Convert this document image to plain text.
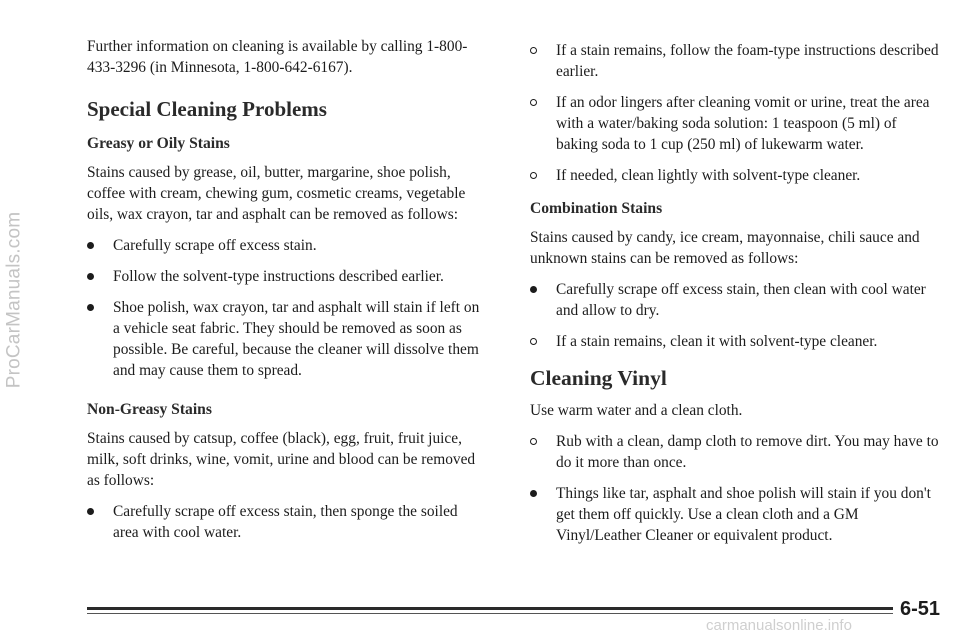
ProCarManuals.com

Further information on cleaning is available by calling 1-800-433-3296 (in Minnesota, 1-800-642-6167).

Special Cleaning Problems
Greasy or Oily Stains

Stains caused by grease, oil, butter, margarine, shoe polish, coffee with cream, chewing gum, cosmetic creams, vegetable oils, wax crayon, tar and asphalt can be removed as follows:

Carefully scrape off excess stain.
Follow the solvent-type instructions described earlier.
Shoe polish, wax crayon, tar and asphalt will stain if left on a vehicle seat fabric. They should be removed as soon as possible. Be careful, because the cleaner will dissolve them and may cause them to spread.
Non-Greasy Stains

Stains caused by catsup, coffee (black), egg, fruit, fruit juice, milk, soft drinks, wine, vomit, urine and blood can be removed as follows:

Carefully scrape off excess stain, then sponge the soiled area with cool water.
If a stain remains, follow the foam-type instructions described earlier.
If an odor lingers after cleaning vomit or urine, treat the area with a water/baking soda solution: 1 teaspoon (5 ml) of baking soda to 1 cup (250 ml) of lukewarm water.
If needed, clean lightly with solvent-type cleaner.
Combination Stains

Stains caused by candy, ice cream, mayonnaise, chili sauce and unknown stains can be removed as follows:

Carefully scrape off excess stain, then clean with cool water and allow to dry.
If a stain remains, clean it with solvent-type cleaner.
Cleaning Vinyl

Use warm water and a clean cloth.

Rub with a clean, damp cloth to remove dirt. You may have to do it more than once.
Things like tar, asphalt and shoe polish will stain if you don't get them off quickly. Use a clean cloth and a GM Vinyl/Leather Cleaner or equivalent product.
6-51
carmanualsonline.info
